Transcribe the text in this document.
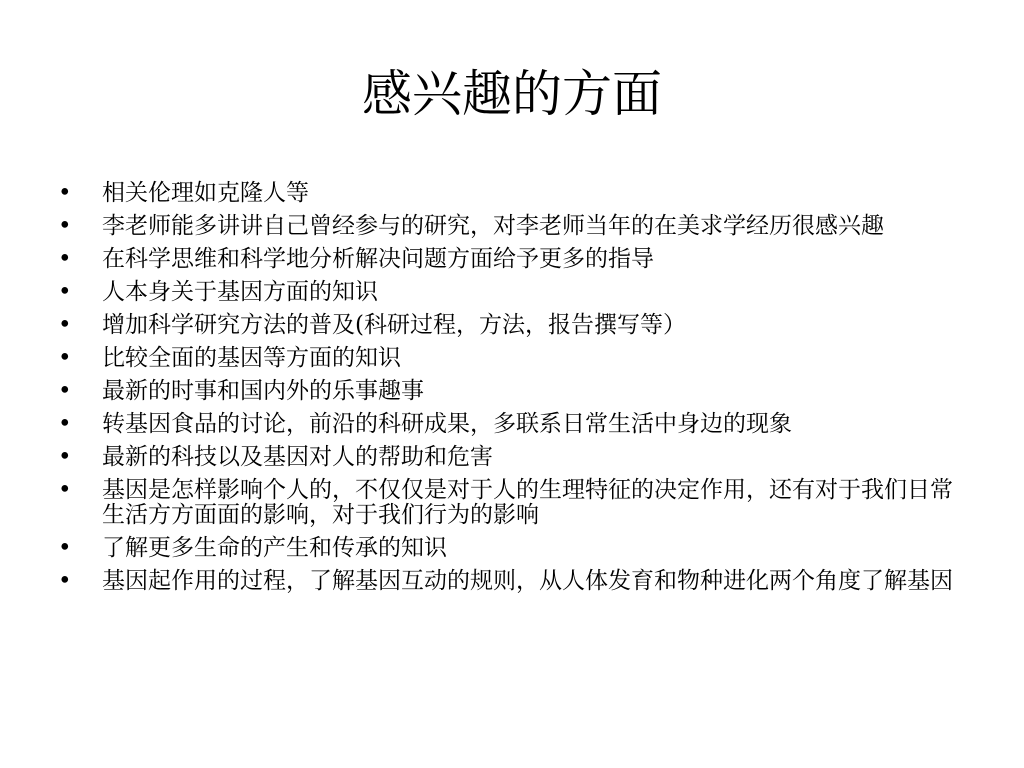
感兴趣的方面
• 相关伦理如克隆人等
• 李老师能多讲讲自己曾经参与的研究，对李老师当年的在美求学经历很感兴趣
• 在科学思维和科学地分析解决问题方面给予更多的指导
• 人本身关于基因方面的知识
• 增加科学研究方法的普及(科研过程，方法，报告撰写等）
• 比较全面的基因等方面的知识
• 最新的时事和国内外的乐事趣事
• 转基因食品的讨论，前沿的科研成果，多联系日常生活中身边的现象
• 最新的科技以及基因对人的帮助和危害
• 基因是怎样影响个人的，不仅仅是对于人的生理特征的决定作用，还有对于我们日常生活方方面面的影响，对于我们行为的影响
• 了解更多生命的产生和传承的知识
• 基因起作用的过程，了解基因互动的规则，从人体发育和物种进化两个角度了解基因
